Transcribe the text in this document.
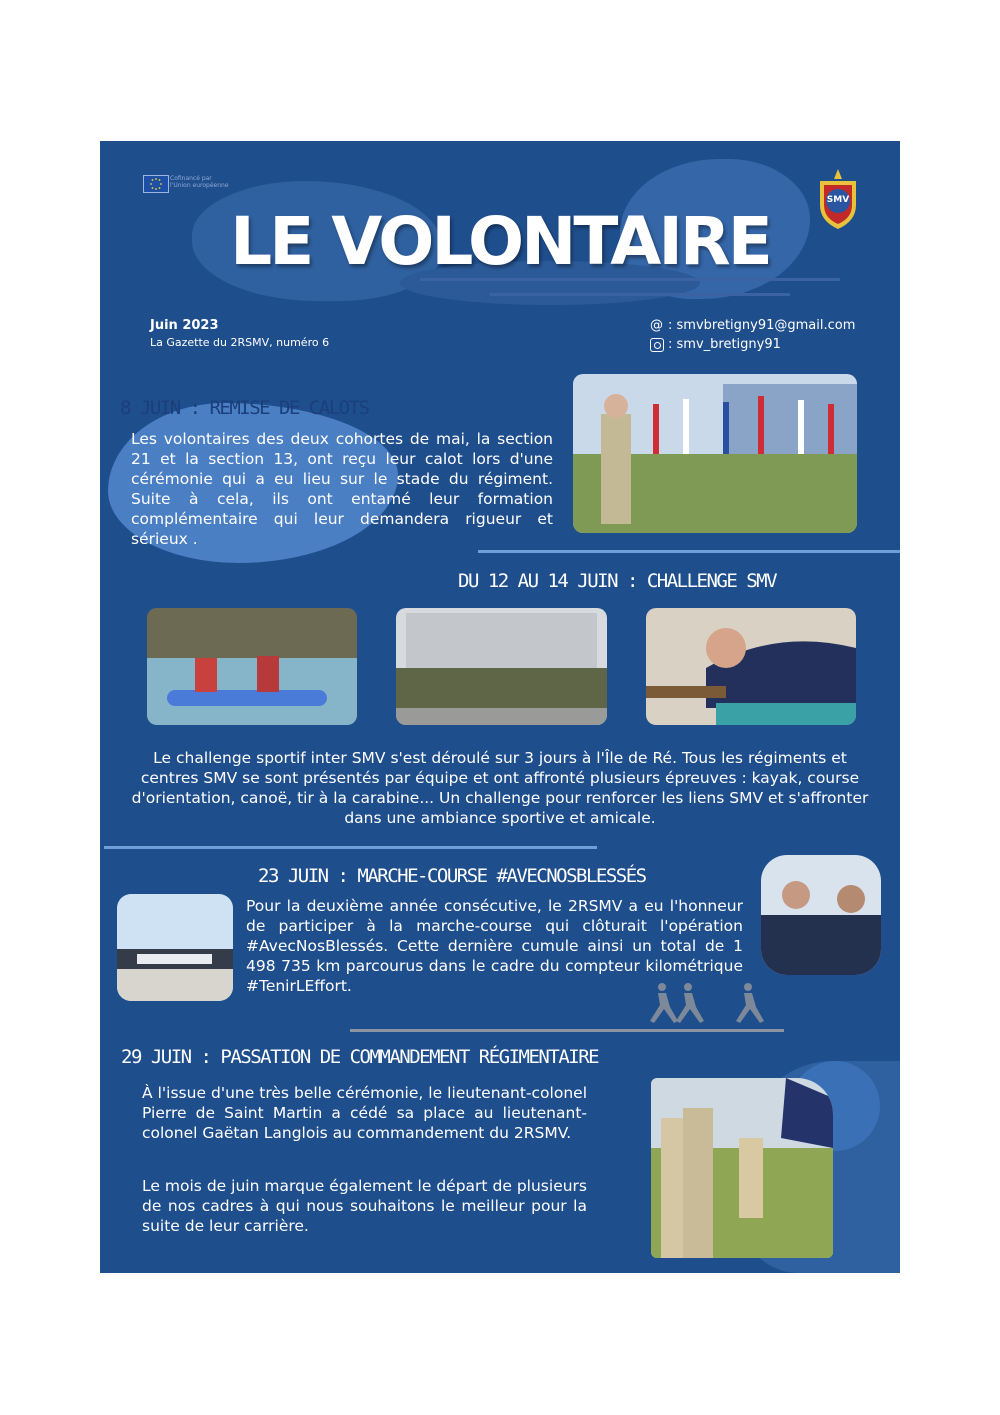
Cofinancé par l'Union européenne
SMV
LE VOLONTAIRE
Juin 2023
La Gazette du 2RSMV, numéro 6
@ : smvbretigny91@gmail.com
: smv_bretigny91
8 JUIN : REMISE DE CALOTS
Les volontaires des deux cohortes de mai, la section 21 et la section 13, ont reçu leur calot lors d'une cérémonie qui a eu lieu sur le stade du régiment. Suite à cela, ils ont entamé leur formation complémentaire qui leur demandera rigueur et sérieux .
DU 12 AU 14 JUIN : CHALLENGE SMV
Le challenge sportif inter SMV s'est déroulé sur 3 jours à l'Île de Ré. Tous les régiments et centres SMV se sont présentés par équipe et ont affronté plusieurs épreuves : kayak, course d'orientation, canoë, tir à la carabine... Un challenge pour renforcer les liens SMV et s'affronter dans une ambiance sportive et amicale.
23 JUIN : MARCHE-COURSE #AVECNOSBLESSÉS
Pour la deuxième année consécutive, le 2RSMV a eu l'honneur de participer à la marche-course qui clôturait l'opération #AvecNosBlessés. Cette dernière cumule ainsi un total de 1 498 735 km parcourus dans le cadre du compteur kilométrique #TenirLEffort.
29 JUIN : PASSATION DE COMMANDEMENT RÉGIMENTAIRE
À l'issue d'une très belle cérémonie, le lieutenant-colonel Pierre de Saint Martin a cédé sa place au lieutenant-colonel Gaëtan Langlois au commandement du 2RSMV.
Le mois de juin marque également le départ de plusieurs de nos cadres à qui nous souhaitons le meilleur pour la suite de leur carrière.
